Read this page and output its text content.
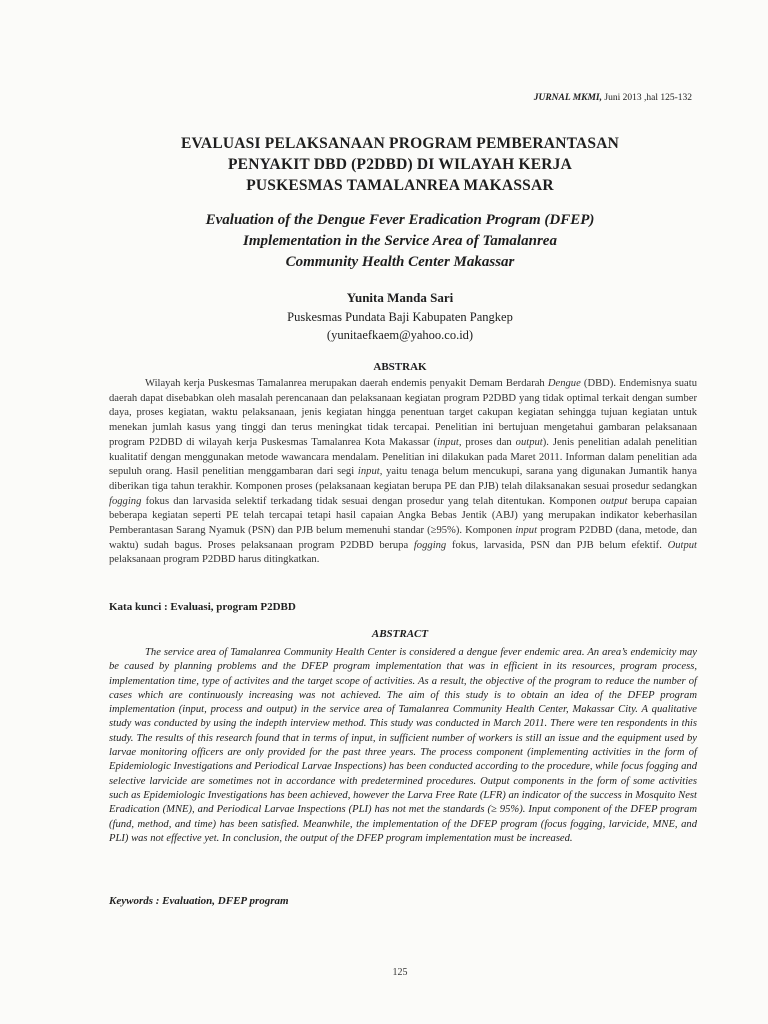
JURNAL MKMI, Juni 2013 ,hal 125-132
EVALUASI PELAKSANAAN PROGRAM PEMBERANTASAN
PENYAKIT DBD (P2DBD) DI WILAYAH KERJA
PUSKESMAS TAMALANREA MAKASSAR
Evaluation of the Dengue Fever Eradication Program (DFEP)
Implementation in the Service Area of Tamalanrea
Community Health Center Makassar
Yunita Manda Sari
Puskesmas Pundata Baji Kabupaten Pangkep
(yunitaefkaem@yahoo.co.id)
ABSTRAK
Wilayah kerja Puskesmas Tamalanrea merupakan daerah endemis penyakit Demam Berdarah Dengue (DBD). Endemisnya suatu daerah dapat disebabkan oleh masalah perencanaan dan pelaksanaan kegiatan program P2DBD yang tidak optimal terkait dengan sumber daya, proses kegiatan, waktu pelaksanaan, jenis kegiatan hingga penentuan target cakupan kegiatan sehingga tujuan kegiatan untuk menekan jumlah kasus yang tinggi dan terus meningkat tidak tercapai. Penelitian ini bertujuan mengetahui gambaran pelaksanaan program P2DBD di wilayah kerja Puskesmas Tamalanrea Kota Makassar (input, proses dan output). Jenis penelitian adalah penelitian kualitatif dengan menggunakan metode wawancara mendalam. Penelitian ini dilakukan pada Maret 2011. Informan dalam penelitian ada sepuluh orang. Hasil penelitian menggambaran dari segi input, yaitu tenaga belum mencukupi, sarana yang digunakan Jumantik hanya diberikan tiga tahun terakhir. Komponen proses (pelaksanaan kegiatan berupa PE dan PJB) telah dilaksanakan sesuai prosedur sedangkan fogging fokus dan larvasida selektif terkadang tidak sesuai dengan prosedur yang telah ditentukan. Komponen output berupa capaian beberapa kegiatan seperti PE telah tercapai tetapi hasil capaian Angka Bebas Jentik (ABJ) yang merupakan indikator keberhasilan Pemberantasan Sarang Nyamuk (PSN) dan PJB belum memenuhi standar (≥95%). Komponen input program P2DBD (dana, metode, dan waktu) sudah bagus. Proses pelaksanaan program P2DBD berupa fogging fokus, larvasida, PSN dan PJB belum efektif. Output pelaksanaan program P2DBD harus ditingkatkan.
Kata kunci : Evaluasi, program P2DBD
ABSTRACT
The service area of Tamalanrea Community Health Center is considered a dengue fever endemic area. An area’s endemicity may be caused by planning problems and the DFEP program implementation that was in efficient in its resources, program process, implementation time, type of activites and the target scope of activities. As a result, the objective of the program to reduce the number of cases which are continuously increasing was not achieved. The aim of this study is to obtain an idea of the DFEP program implementation (input, process and output) in the service area of Tamalanrea Community Health Center, Makassar City. A qualitative study was conducted by using the indepth interview method. This study was conducted in March 2011. There were ten respondents in this study. The results of this research found that in terms of input, in sufficient number of workers is still an issue and the equipment used by larvae monitoring officers are only provided for the past three years. The process component (implementing activities in the form of Epidemiologic Investigations and Periodical Larvae Inspections) has been conducted according to the procedure, while focus fogging and selective larvicide are sometimes not in accordance with predetermined procedures. Output components in the form of some activities such as Epidemiologic Investigations has been achieved, however the Larva Free Rate (LFR) an indicator of the success in Mosquito Nest Eradication (MNE), and Periodical Larvae Inspections (PLI) has not met the standards (≥ 95%). Input component of the DFEP program (fund, method, and time) has been satisfied. Meanwhile, the implementation of the DFEP program (focus fogging, larvicide, MNE, and PLI) was not effective yet. In conclusion, the output of the DFEP program implementation must be increased.
Keywords : Evaluation, DFEP program
125
